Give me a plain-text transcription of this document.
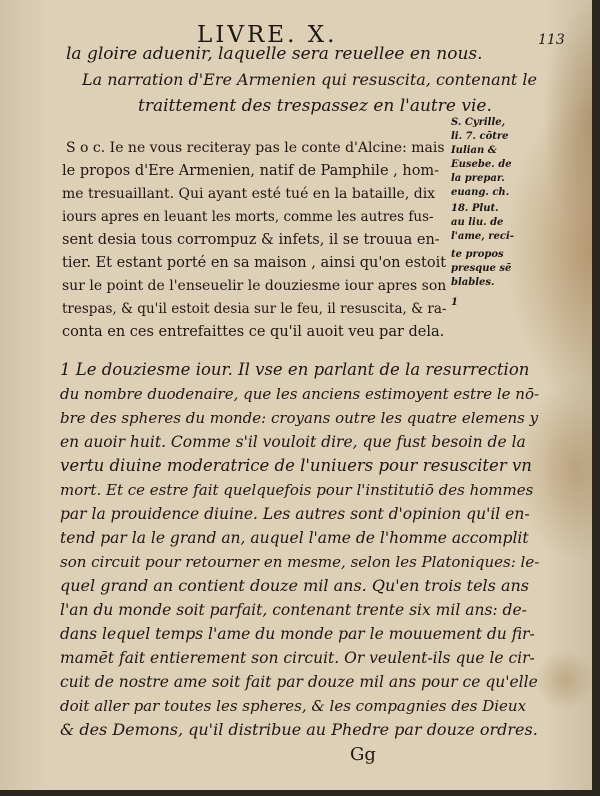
LIVRE. X.	113
la gloire aduenir, laquelle sera reuellee en nous.
La narration d'Ere Armenien qui resuscita, contenant le
traittement des trespassez en l'autre vie.
S o c. Ie ne vous reciteray pas le conte d'Alcine: mais
le propos d'Ere Armenien, natif de Pamphile , hom-
me tresuaillant. Qui ayant esté tué en la bataille, dix
iours apres en leuant les morts, comme les autres fus-
sent desia tous corrompuz & infets, il se trouua en-
tier. Et estant porté en sa maison , ainsi qu'on estoit
sur le point de l'enseuelir le douziesme iour apres son
trespas, & qu'il estoit desia sur le feu, il resuscita, & ra-
conta en ces entrefaittes ce qu'il auoit veu par dela.
S. Cyrille,
li. 7. cōtre
Iulian &
Eusebe. de
la prepar.
euang. ch.
18. Plut.
au liu. de
l'ame, reci-
te propos
presque sē
blables.
1
1 Le douziesme iour. Il vse en parlant de la resurrection
du nombre duodenaire, que les anciens estimoyent estre le nō-
bre des spheres du monde: croyans outre les quatre elemens y
en auoir huit. Comme s'il vouloit dire, que fust besoin de la
vertu diuine moderatrice de l'uniuers pour resusciter vn
mort. Et ce estre fait quelquefois pour l'institutiō des hommes
par la prouidence diuine. Les autres sont d'opinion qu'il en-
tend par la le grand an, auquel l'ame de l'homme accomplit
son circuit pour retourner en mesme, selon les Platoniques: le-
quel grand an contient douze mil ans. Qu'en trois tels ans
l'an du monde soit parfait, contenant trente six mil ans: de-
dans lequel temps l'ame du monde par le mouuement du fir-
mamēt fait entierement son circuit. Or veulent-ils que le cir-
cuit de nostre ame soit fait par douze mil ans pour ce qu'elle
doit aller par toutes les spheres, & les compagnies des Dieux
& des Demons, qu'il distribue au Phedre par douze ordres.
Gg
